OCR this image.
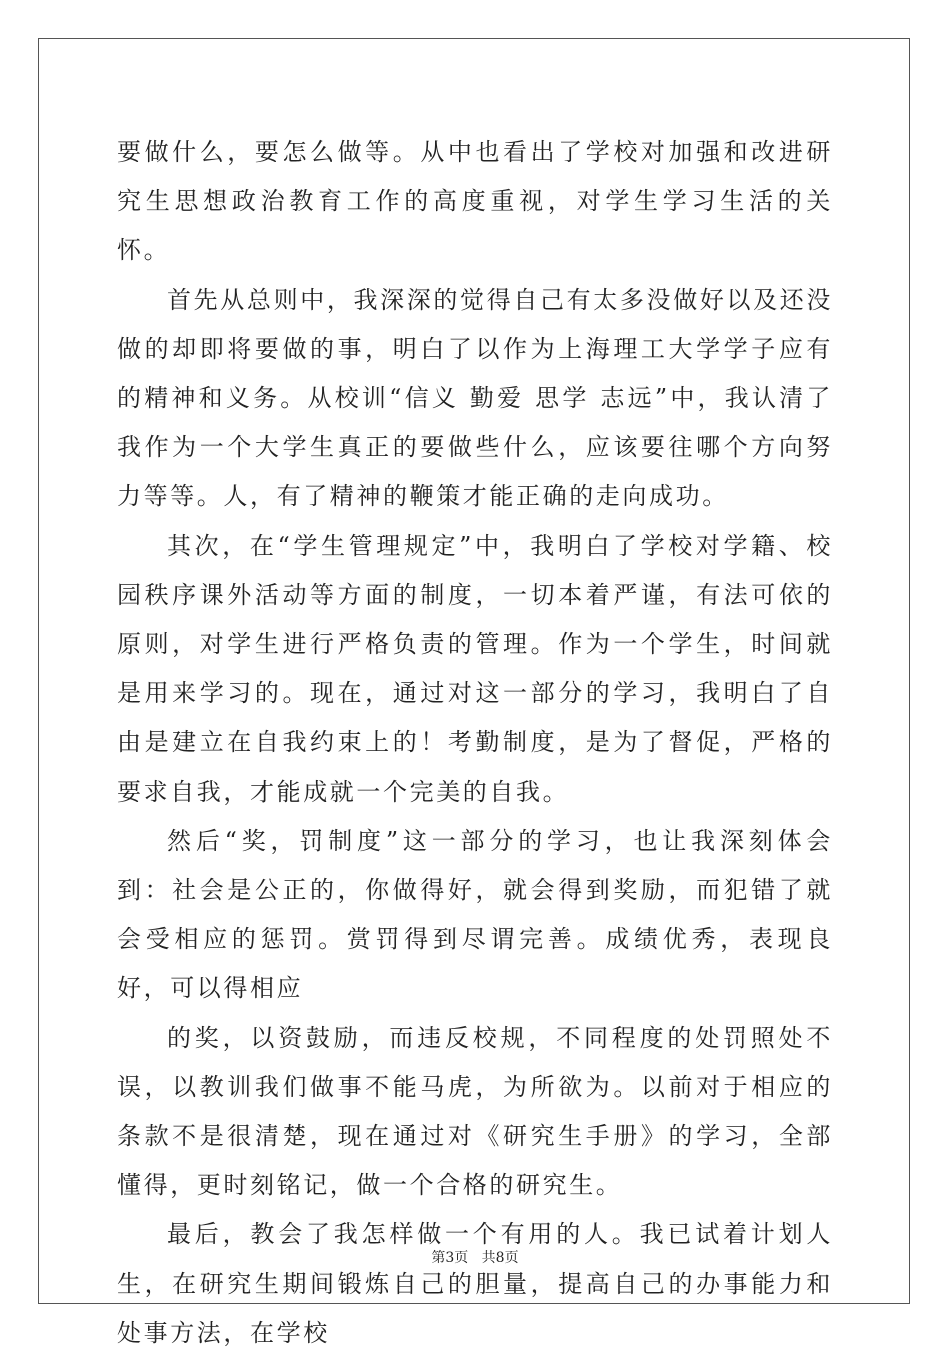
要做什么，要怎么做等。从中也看出了学校对加强和改进研究生思想政治教育工作的高度重视，对学生学习生活的关怀。

首先从总则中，我深深的觉得自己有太多没做好以及还没做的却即将要做的事，明白了以作为上海理工大学学子应有的精神和义务。从校训“信义 勤爱 思学 志远”中，我认清了我作为一个大学生真正的要做些什么，应该要往哪个方向努力等等。人，有了精神的鞭策才能正确的走向成功。

其次，在“学生管理规定”中，我明白了学校对学籍、校园秩序课外活动等方面的制度，一切本着严谨，有法可依的原则，对学生进行严格负责的管理。作为一个学生，时间就是用来学习的。现在，通过对这一部分的学习，我明白了自由是建立在自我约束上的！考勤制度，是为了督促，严格的要求自我，才能成就一个完美的自我。

然后“奖，罚制度”这一部分的学习，也让我深刻体会到：社会是公正的，你做得好，就会得到奖励，而犯错了就会受相应的惩罚。赏罚得到尽谓完善。成绩优秀，表现良好，可以得相应

的奖，以资鼓励，而违反校规，不同程度的处罚照处不误，以教训我们做事不能马虎，为所欲为。以前对于相应的条款不是很清楚，现在通过对《研究生手册》的学习，全部懂得，更时刻铭记，做一个合格的研究生。

最后，教会了我怎样做一个有用的人。我已试着计划人生，在研究生期间锻炼自己的胆量，提高自己的办事能力和处事方法，在学校

第3页 共8页
